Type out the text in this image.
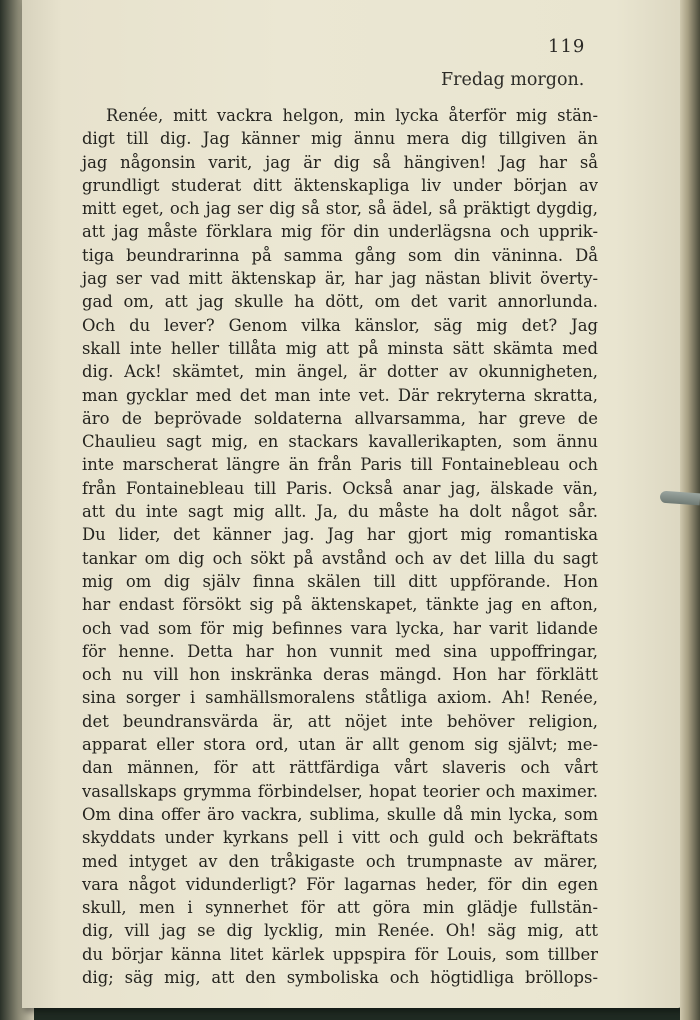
119

Fredag morgon.

Renée, mitt vackra helgon, min lycka återför mig stän-
digt till dig. Jag känner mig ännu mera dig tillgiven än
jag någonsin varit, jag är dig så hängiven! Jag har så
grundligt studerat ditt äktenskapliga liv under början av
mitt eget, och jag ser dig så stor, så ädel, så präktigt dygdig,
att jag måste förklara mig för din underlägsna och upprik-
tiga beundrarinna på samma gång som din väninna. Då
jag ser vad mitt äktenskap är, har jag nästan blivit överty-
gad om, att jag skulle ha dött, om det varit annorlunda.
Och du lever? Genom vilka känslor, säg mig det? Jag
skall inte heller tillåta mig att på minsta sätt skämta med
dig. Ack! skämtet, min ängel, är dotter av okunnigheten,
man gycklar med det man inte vet. Där rekryterna skratta,
äro de beprövade soldaterna allvarsamma, har greve de
Chaulieu sagt mig, en stackars kavallerikapten, som ännu
inte marscherat längre än från Paris till Fontainebleau och
från Fontainebleau till Paris. Också anar jag, älskade vän,
att du inte sagt mig allt. Ja, du måste ha dolt något sår.
Du lider, det känner jag. Jag har gjort mig romantiska
tankar om dig och sökt på avstånd och av det lilla du sagt
mig om dig själv finna skälen till ditt uppförande. Hon
har endast försökt sig på äktenskapet, tänkte jag en afton,
och vad som för mig befinnes vara lycka, har varit lidande
för henne. Detta har hon vunnit med sina uppoffringar,
och nu vill hon inskränka deras mängd. Hon har förklätt
sina sorger i samhällsmoralens ståtliga axiom. Ah! Renée,
det beundransvärda är, att nöjet inte behöver religion,
apparat eller stora ord, utan är allt genom sig självt; me-
dan männen, för att rättfärdiga vårt slaveris och vårt
vasallskaps grymma förbindelser, hopat teorier och maximer.
Om dina offer äro vackra, sublima, skulle då min lycka, som
skyddats under kyrkans pell i vitt och guld och bekräftats
med intyget av den tråkigaste och trumpnaste av märer,
vara något vidunderligt? För lagarnas heder, för din egen
skull, men i synnerhet för att göra min glädje fullstän-
dig, vill jag se dig lycklig, min Renée. Oh! säg mig, att
du börjar känna litet kärlek uppspira för Louis, som tillber
dig; säg mig, att den symboliska och högtidliga bröllops-
